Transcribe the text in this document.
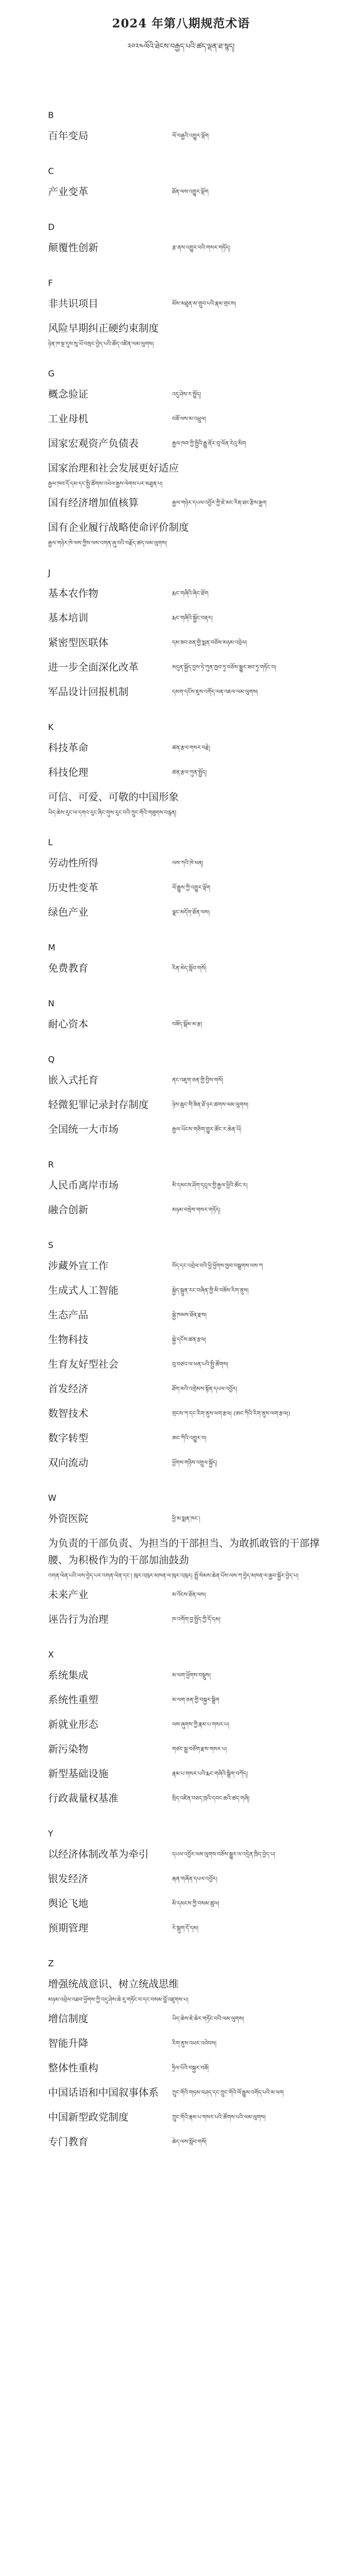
2024 年第八期规范术语
༢༠༢༤ལོའི་ཐེངས་བརྒྱད་པའི་ཚད་ལྡན་ཐ་སྙད།
B
百年变局	ལོ་བརྒྱའི་འགྱུར་ལྡོག
C
产业变革	ཐོན་ལས་འགྱུར་ལྡོག
D
颠覆性创新	རྩ་ནས་འགྱུར་བའི་གསར་གཏོད།
F
非共识项目	མོས་མཐུན་མ་གྲུབ་པའི་རྣམ་གྲངས།
风险早期纠正硬约束制度
ཉེན་ཁ་སྔ་དུས་སུ་ཡོ་བསྲང་བྱེད་པའི་ཚོད་འཛིན་ལམ་ལུགས།
G
概念验证	འདུ་ཤེས་ར་སྤྲོད།
工业母机	བཟོ་ལས་མ་འཕྲུལ།
国家宏观资产负债表	རྒྱལ་ཁབ་ཀྱི་སྤྱིའི་རྒྱུ་ནོར་བུ་ལོན་རེའུ་མིག
国家治理和社会发展更好适应
རྒྱལ་ཁབ་དོ་དམ་དང་སྤྱི་ཚོགས་འཕེལ་རྒྱས་ལེགས་པར་མཐུན་པ།
国有经济增加值核算	རྒྱལ་གཉེར་དཔལ་འབྱོར་གྱི་ཇེ་མང་རིན་ཐང་རྩིས་རྒྱག
国有企业履行战略使命评价制度
རྒྱལ་གཉེར་ཁེ་ལས་ཀྱིས་ལས་འགན་ཞུ་བའི་བརྗོད་ཚད་ལམ་ལུགས།
J
基本农作物	རྨང་གཞིའི་ཞིང་ཐོག
基本培训	རྨང་གཞིའི་སྦྱོང་བརྡར།
紧密型医联体	དམ་ཟབ་ཅན་གྱི་སྨན་བཅོས་མཉམ་འབྲེལ།
进一步全面深化改革	མདུན་སྐྱོད་བྱས་ཏེ་ཀུན་ཁྱབ་ཏུ་བཅོས་སྒྱུར་ཟབ་ཏུ་གཏོང་བ།
军品设计回报机制	དམག་དངོས་ཇུས་འགོད་ལན་འཇལ་ལམ་ལུགས།
K
科技革命	ཚན་རྩལ་གསར་བརྗེ།
科技伦理	ཚན་རྩལ་ཀུན་སྤྱོད།
可信、可爱、可敬的中国形象
ཡིད་ཆེས་རུང་ལ་དགའ་རུང་ཞིང་གུས་རུང་བའི་ཀྲུང་གོའི་གཟུགས་བརྙན།
L
劳动性所得	ལས་ཀའི་ཁེ་ཕན།
历史性变革	ལོ་རྒྱུས་ཀྱི་འགྱུར་ལྡོག
绿色产业	ལྗང་མདོག་ཐོན་ལས།
M
免费教育	རིན་མེད་སློབ་གསོ།
N
耐心资本	བཟོད་སྒོམ་མ་རྩ།
Q
嵌入式托育	ནང་འཇུག་ཅན་གྱི་བྱིས་གསོ།
轻微犯罪记录封存制度	ཉེས་ཆུང་གི་ཟིན་ཐོ་ཉར་ཚགས་ལམ་ལུགས།
全国统一大市场	རྒྱལ་ཡོངས་གཅིག་གྱུར་ཚོང་ར་ཆེན་པོ།
R
人民币离岸市场	མི་དམངས་ཤོག་དངུལ་གྱི་རྒྱལ་ཕྱིའི་ཚོང་ར།
融合创新	མཉམ་བསྲེས་གསར་གཏོད།
S
涉藏外宣工作	བོད་དང་འབྲེལ་བའི་ཕྱི་ཕྱོགས་ཁྱབ་བསྒྲགས་ལས་ཀ
生成式人工智能	སྐྱེད་སྐྲུན་རང་བཞིན་གྱི་མི་བཟོས་རིག་ནུས།
生态产品	སྐྱེ་ཁམས་ཐོན་རྫས།
生物科技	སྐྱེ་དངོས་ཚན་རྩལ།
生育友好型社会	བུ་བཙའ་ལ་ཕན་པའི་སྤྱི་ཚོགས།
首发经济	ཐོག་མའི་འགྲེམས་སྟོན་དཔལ་འབྱོར།
数智技术	གྲངས་ཀ་དང་རིག་ནུས་ལག་རྩལ། (ཨང་ཀིའི་རིག་ནུས་ལག་རྩལ།)
数字转型	ཨང་ཀིའི་འགྱུར་བ།
双向流动	ཕྱོགས་གཉིས་འགྲུལ་སྐྱོད།
W
外资医院	ཕྱི་མ་སྨན་ཁང་།
为负责的干部负责、为担当的干部担当、为敢抓敢管的干部撑腰、为积极作为的干部加油鼓劲
འགན་ལེན་པའི་ལས་བྱེད་པར་འགན་ལེན་དང་། ཁུར་འཁུར་མཁན་ལ་ཁུར་འཁུར། སྤྲོ་སེམས་ཆེན་པོས་ལས་ཀ་བྱེད་མཁན་ལ་རྒྱབ་སྐྱོར་བྱེད་པ།
未来产业	མ་འོངས་ཐོན་ལས།
诬告行为治理	ཁ་འགོག་བྱ་སྤྱོད་ཀྱི་དོ་དམ།
X
系统集成	མ་ལག་ཕྱོགས་བསྡུས།
系统性重塑	མ་ལག་ཅན་གྱི་བསྐྱར་སྒྲིག
新就业形态	ལས་ཞུགས་ཀྱི་རྣམ་པ་གསར་པ།
新污染物	གཙང་སྦྲ་བཙོག་རྫས་གསར་པ།
新型基础设施	རྣམ་པ་གསར་པའི་རྨང་གཞིའི་སྒྲིག་བཀོད།
行政裁量权基准	སྲིད་འཛིན་བཅད་ཁྲའི་དབང་ཆའི་ཚད་གཞི།
Y
以经济体制改革为牵引	དཔལ་འབྱོར་ལམ་ལུགས་བཅོས་སྒྱུར་ལ་འདྲེན་ཁྲིད་བྱེད་པ།
银发经济	རྒན་གཞོན་དཔལ་འབྱོར།
舆论飞地	མི་དམངས་ཀྱི་བསམ་ཚུལ།
预期管理	རེ་སྒུག་དོ་དམ།
Z
增强统战意识、树立统战思维
མཉམ་འབྲེལ་འཐབ་ཕྱོགས་ཀྱི་འདུ་ཤེས་ཆེ་རུ་གཏོང་བ་དང་བསམ་བློ་འཛུགས་པ།
增信制度	ཡིད་ཆེས་ཇེ་ཆེར་གཏོང་བའི་ལམ་ལུགས།
智能升降	རིག་ནུས་འཕར་འབེབས།
整体性重构	ཧྲིལ་པོའི་བསྐྱར་བཟོ།
中国话语和中国叙事体系	ཀྲུང་གོའི་གཏམ་བཤད་དང་ཀྲུང་གོའི་ལོ་རྒྱུས་འགོད་པའི་མ་ལག
中国新型政党制度	ཀྲུང་གོའི་རྣམ་པ་གསར་པའི་ཚོགས་པའི་ལམ་ལུགས།
专门教育	ཆེད་ལས་སློབ་གསོ།
